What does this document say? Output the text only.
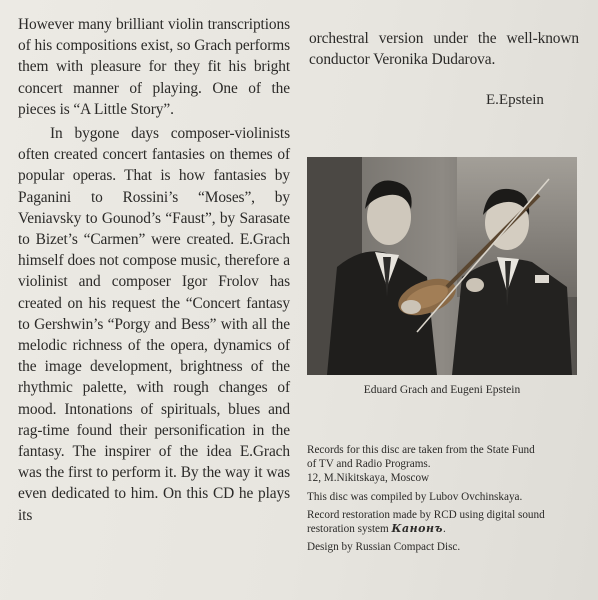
However many brilliant violin transcriptions of his compositions exist, so Grach performs them with pleasure for they fit his bright concert manner of playing. One of the pieces is “A Little Story”.

In bygone days composer-violinists often created concert fantasies on themes of popular operas. That is how fantasies by Paganini to Rossini’s “Moses”, by Veniavsky to Gounod’s “Faust”, by Sarasate to Bizet’s “Carmen” were created. E.Grach himself does not compose music, therefore a violinist and composer Igor Frolov has created on his request the “Concert fantasy to Gershwin’s “Porgy and Bess” with all the melodic richness of the opera, dynamics of the image development, brightness of the rhythmic palette, with rough changes of mood. Intonations of spirituals, blues and rag-time found their personification in the fantasy. The inspirer of the idea E.Grach was the first to perform it. By the way it was even dedicated to him. On this CD he plays its

orchestral version under the well-known conductor Veronika Dudarova.

E.Epstein
Eduard Grach and Eugeni Epstein

Records for this disc are taken from the State Fund
of TV and Radio Programs.
12, M.Nikitskaya, Moscow

This disc was compiled by Lubov Ovchinskaya.

Record restoration made by RCD using digital sound
restoration system Канонъ.

Design by Russian Compact Disc.
